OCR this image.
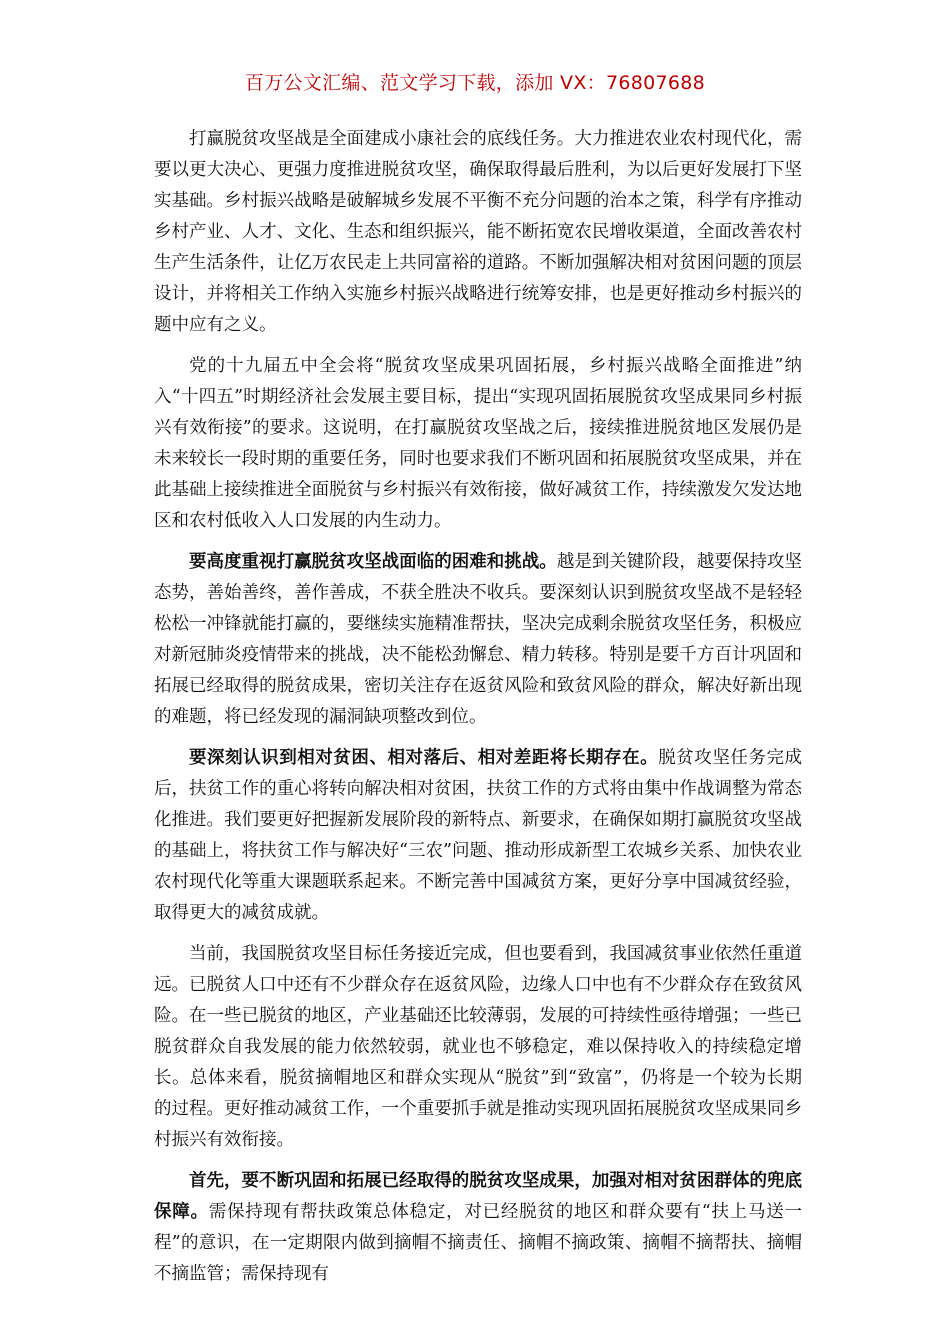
百万公文汇编、范文学习下载，添加 VX：76807688

打赢脱贫攻坚战是全面建成小康社会的底线任务。大力推进农业农村现代化，需要以更大决心、更强力度推进脱贫攻坚，确保取得最后胜利，为以后更好发展打下坚实基础。乡村振兴战略是破解城乡发展不平衡不充分问题的治本之策，科学有序推动乡村产业、人才、文化、生态和组织振兴，能不断拓宽农民增收渠道，全面改善农村生产生活条件，让亿万农民走上共同富裕的道路。不断加强解决相对贫困问题的顶层设计，并将相关工作纳入实施乡村振兴战略进行统筹安排，也是更好推动乡村振兴的题中应有之义。

党的十九届五中全会将“脱贫攻坚成果巩固拓展，乡村振兴战略全面推进”纳入“十四五”时期经济社会发展主要目标，提出“实现巩固拓展脱贫攻坚成果同乡村振兴有效衔接”的要求。这说明，在打赢脱贫攻坚战之后，接续推进脱贫地区发展仍是未来较长一段时期的重要任务，同时也要求我们不断巩固和拓展脱贫攻坚成果，并在此基础上接续推进全面脱贫与乡村振兴有效衔接，做好减贫工作，持续激发欠发达地区和农村低收入人口发展的内生动力。

要高度重视打赢脱贫攻坚战面临的困难和挑战。越是到关键阶段，越要保持攻坚态势，善始善终，善作善成，不获全胜决不收兵。要深刻认识到脱贫攻坚战不是轻轻松松一冲锋就能打赢的，要继续实施精准帮扶，坚决完成剩余脱贫攻坚任务，积极应对新冠肺炎疫情带来的挑战，决不能松劲懈怠、精力转移。特别是要千方百计巩固和拓展已经取得的脱贫成果，密切关注存在返贫风险和致贫风险的群众，解决好新出现的难题，将已经发现的漏洞缺项整改到位。

要深刻认识到相对贫困、相对落后、相对差距将长期存在。脱贫攻坚任务完成后，扶贫工作的重心将转向解决相对贫困，扶贫工作的方式将由集中作战调整为常态化推进。我们要更好把握新发展阶段的新特点、新要求，在确保如期打赢脱贫攻坚战的基础上，将扶贫工作与解决好“三农”问题、推动形成新型工农城乡关系、加快农业农村现代化等重大课题联系起来。不断完善中国减贫方案，更好分享中国减贫经验，取得更大的减贫成就。

当前，我国脱贫攻坚目标任务接近完成，但也要看到，我国减贫事业依然任重道远。已脱贫人口中还有不少群众存在返贫风险，边缘人口中也有不少群众存在致贫风险。在一些已脱贫的地区，产业基础还比较薄弱，发展的可持续性亟待增强；一些已脱贫群众自我发展的能力依然较弱，就业也不够稳定，难以保持收入的持续稳定增长。总体来看，脱贫摘帽地区和群众实现从“脱贫”到“致富”，仍将是一个较为长期的过程。更好推动减贫工作，一个重要抓手就是推动实现巩固拓展脱贫攻坚成果同乡村振兴有效衔接。

首先，要不断巩固和拓展已经取得的脱贫攻坚成果，加强对相对贫困群体的兜底保障。需保持现有帮扶政策总体稳定，对已经脱贫的地区和群众要有“扶上马送一程”的意识，在一定期限内做到摘帽不摘责任、摘帽不摘政策、摘帽不摘帮扶、摘帽不摘监管；需保持现有
